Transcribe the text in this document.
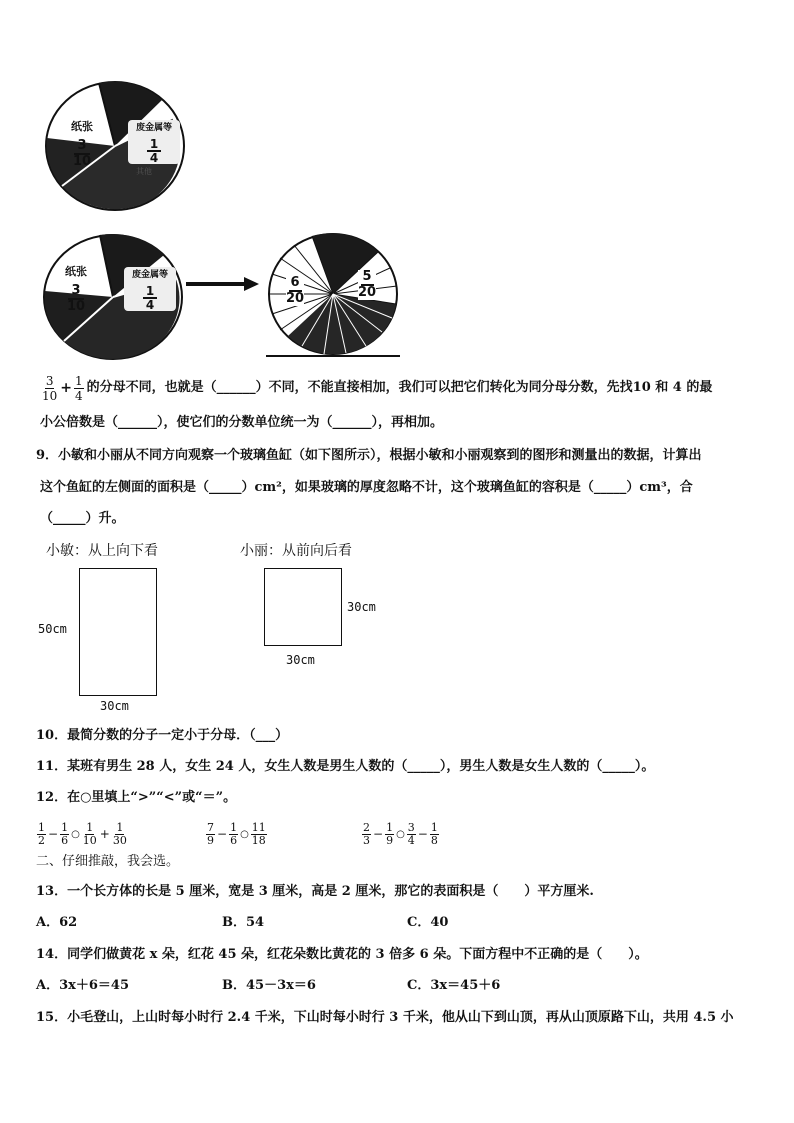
纸张
$\frac{3}{10}$
废金属等
$\frac{1}{4}$
其他
纸张
$\frac{3}{10}$
废金属等
$\frac{1}{4}$	$\frac{6}{20}$	$\frac{5}{20}$
$\frac{3}{10} + \frac{1}{4}$ 的分母不同，也就是（______）不同，不能直接相加，我们可以把它们转化为同分母分数，先找10 和 4 的最
小公倍数是（______），使它们的分数单位统一为（______），再相加。
9．小敏和小丽从不同方向观察一个玻璃鱼缸（如下图所示），根据小敏和小丽观察到的图形和测量出的数据，计算出
这个鱼缸的左侧面的面积是（_____）cm²，如果玻璃的厚度忽略不计，这个玻璃鱼缸的容积是（_____）cm³，合
（_____）升。
小敏：从上向下看	小丽：从前向后看
50cm
30cm
30cm
30cm
10．最简分数的分子一定小于分母．（___）
11．某班有男生 28 人，女生 24 人，女生人数是男生人数的（_____），男生人数是女生人数的（_____）。
12．在○里填上“>”“<”或“＝”。
$\frac{1}{2} - \frac{1}{6}$ ○ $\frac{1}{10} + \frac{1}{30}$	$\frac{7}{9} - \frac{1}{6}$ ○ $\frac{11}{18}$	$\frac{2}{3} - \frac{1}{9}$ ○ $\frac{3}{4} - \frac{1}{8}$
二、仔细推敲，我会选。
13．一个长方体的长是 5 厘米，宽是 3 厘米，高是 2 厘米，那它的表面积是（　　）平方厘米.
A．62	B．54	C．40
14．同学们做黄花 x 朵，红花 45 朵，红花朵数比黄花的 3 倍多 6 朵。下面方程中不正确的是（　　）。
A．3x＋6＝45	B．45－3x＝6	C．3x＝45＋6
15．小毛登山，上山时每小时行 2.4 千米，下山时每小时行 3 千米，他从山下到山顶，再从山顶原路下山，共用 4.5 小
